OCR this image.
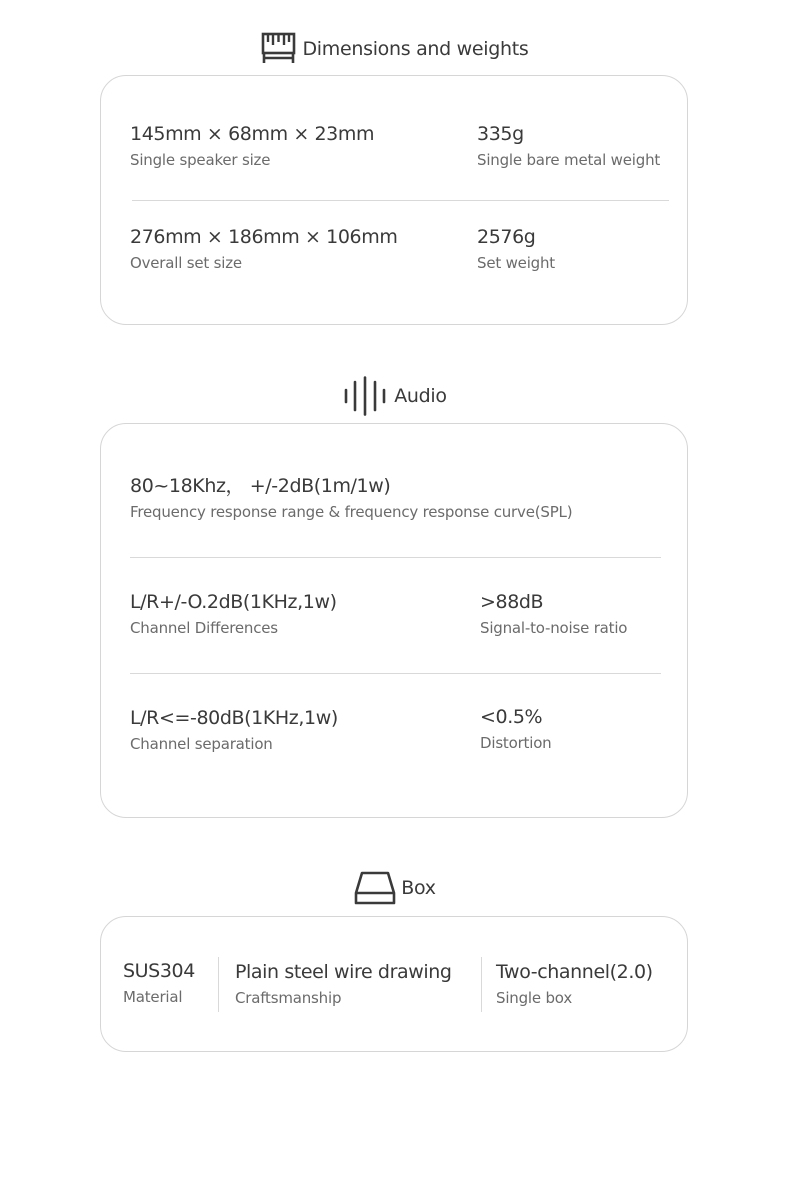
Dimensions and weights
145mm × 68mm × 23mm
Single speaker size
335g
Single bare metal weight
276mm × 186mm × 106mm
Overall set size
2576g
Set weight
Audio
80~18Khz， +/-2dB(1m/1w)
Frequency response range & frequency response curve(SPL)
L/R+/-O.2dB(1KHz,1w)
Channel Differences
>88dB
Signal-to-noise ratio
L/R<=-80dB(1KHz,1w)
Channel separation
<0.5%
Distortion
Box
SUS304
Material
Plain steel wire drawing
Craftsmanship
Two-channel(2.0)
Single box
